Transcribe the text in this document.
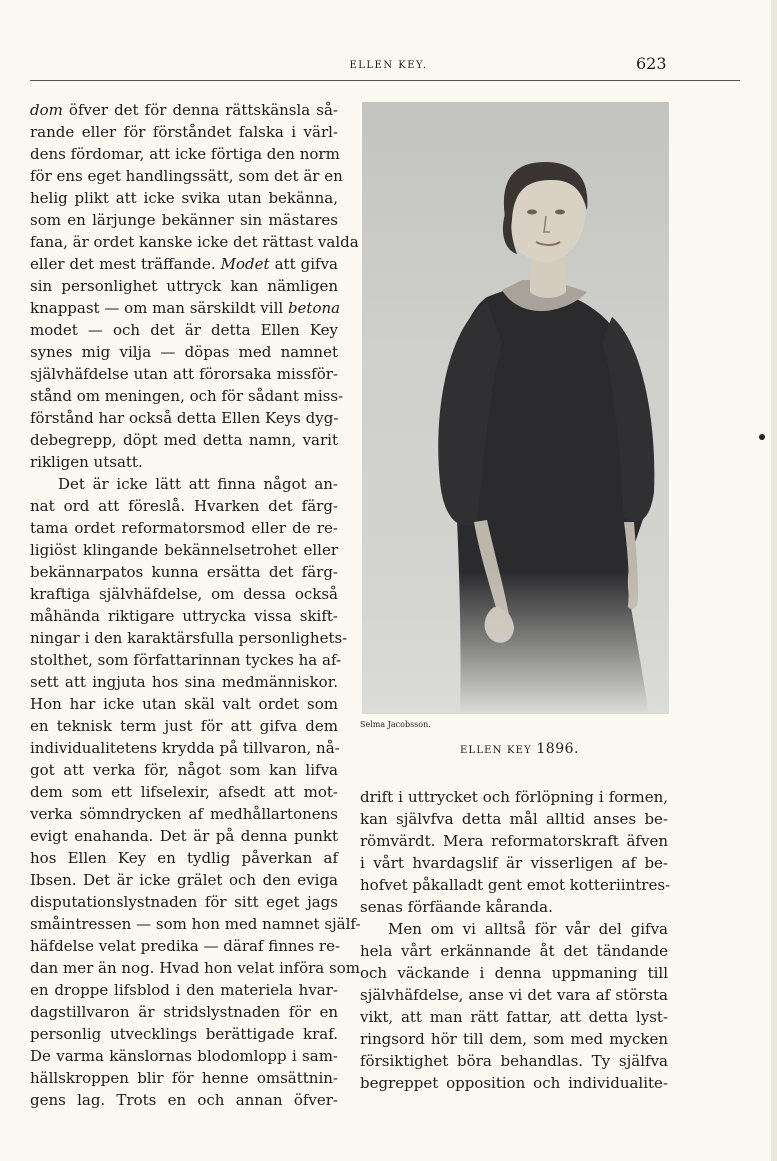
ELLEN KEY.	623
dom öfver det för denna rättskänsla så-
rande eller för förståndet falska i värl-
dens fördomar, att icke förtiga den norm
för ens eget handlingssätt, som det är en
helig plikt att icke svika utan bekänna,
som en lärjunge bekänner sin mästares
fana, är ordet kanske icke det rättast valda
eller det mest träffande. Modet att gifva
sin personlighet uttryck kan nämligen
knappast — om man särskildt vill betona
modet — och det är detta Ellen Key
synes mig vilja — döpas med namnet
självhäfdelse utan att förorsaka missför-
stånd om meningen, och för sådant miss-
förstånd har också detta Ellen Keys dyg-
debegrepp, döpt med detta namn, varit
rikligen utsatt.
Det är icke lätt att finna något an-
nat ord att föreslå. Hvarken det färg-
tama ordet reformatorsmod eller de re-
ligiöst klingande bekännelsetrohet eller
bekännarpatos kunna ersätta det färg-
kraftiga självhäfdelse, om dessa också
måhända riktigare uttrycka vissa skift-
ningar i den karaktärsfulla personlighets-
stolthet, som författarinnan tyckes ha af-
sett att ingjuta hos sina medmänniskor.
Hon har icke utan skäl valt ordet som
en teknisk term just för att gifva dem
individualitetens krydda på tillvaron, nå-
got att verka för, något som kan lifva
dem som ett lifselexir, afsedt att mot-
verka sömndrycken af medhållartonens
evigt enahanda. Det är på denna punkt
hos Ellen Key en tydlig påverkan af
Ibsen. Det är icke grälet och den eviga
disputationslystnaden för sitt eget jags
småintressen — som hon med namnet själf-
häfdelse velat predika — däraf finnes re-
dan mer än nog. Hvad hon velat införa som
en droppe lifsblod i den materiela hvar-
dagstillvaron är stridslystnaden för en
personlig utvecklings berättigade kraf.
De varma känslornas blodomlopp i sam-
hällskroppen blir för henne omsättnin-
gens lag. Trots en och annan öfver-
Selma Jacobsson.
ELLEN KEY 1896.
drift i uttrycket och förlöpning i formen,
kan självfva detta mål alltid anses be-
römvärdt. Mera reformatorskraft äfven
i vårt hvardagslif är visserligen af be-
hofvet påkalladt gent emot kotteriintres-
senas förfäande kåranda.
Men om vi alltså för vår del gifva
hela vårt erkännande åt det tändande
och väckande i denna uppmaning till
självhäfdelse, anse vi det vara af största
vikt, att man rätt fattar, att detta lyst-
ringsord hör till dem, som med mycken
försiktighet böra behandlas. Ty själfva
begreppet opposition och individualite-
